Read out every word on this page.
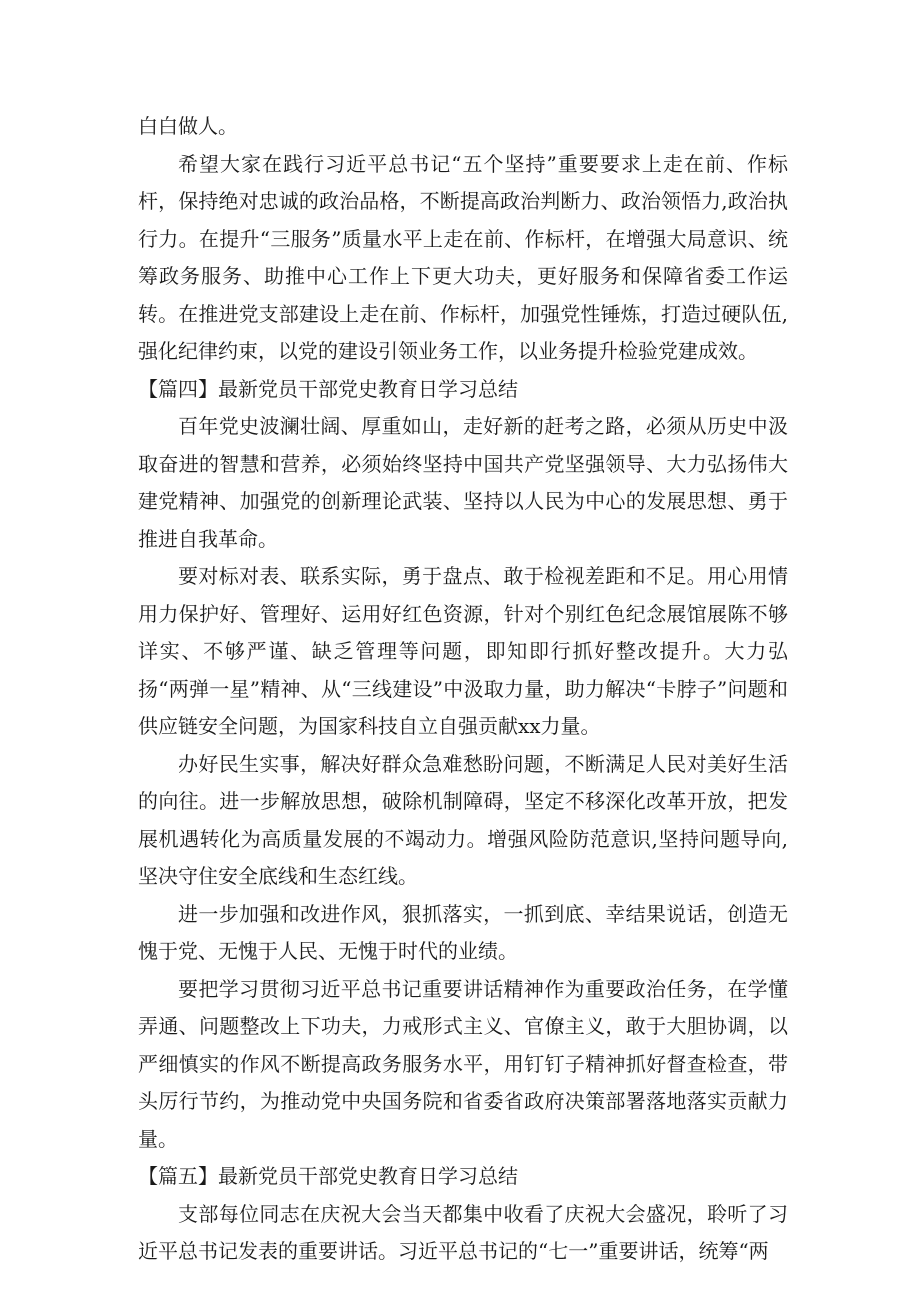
白白做人。

希望大家在践行习近平总书记“五个坚持”重要要求上走在前、作标杆，保持绝对忠诚的政治品格，不断提高政治判断力、政治领悟力,政治执行力。在提升“三服务”质量水平上走在前、作标杆，在增强大局意识、统筹政务服务、助推中心工作上下更大功夫，更好服务和保障省委工作运转。在推进党支部建设上走在前、作标杆，加强党性锤炼，打造过硬队伍,强化纪律约束，以党的建设引领业务工作，以业务提升检验党建成效。

【篇四】最新党员干部党史教育日学习总结

百年党史波澜壮阔、厚重如山，走好新的赶考之路，必须从历史中汲取奋进的智慧和营养，必须始终坚持中国共产党坚强领导、大力弘扬伟大建党精神、加强党的创新理论武装、坚持以人民为中心的发展思想、勇于推进自我革命。

要对标对表、联系实际，勇于盘点、敢于检视差距和不足。用心用情用力保护好、管理好、运用好红色资源，针对个别红色纪念展馆展陈不够详实、不够严谨、缺乏管理等问题，即知即行抓好整改提升。大力弘扬“两弹一星”精神、从“三线建设”中汲取力量，助力解决“卡脖子”问题和供应链安全问题，为国家科技自立自强贡献xx力量。

办好民生实事，解决好群众急难愁盼问题，不断满足人民对美好生活的向往。进一步解放思想，破除机制障碍，坚定不移深化改革开放，把发展机遇转化为高质量发展的不竭动力。增强风险防范意识,坚持问题导向,坚决守住安全底线和生态红线。

进一步加强和改进作风，狠抓落实，一抓到底、幸结果说话，创造无愧于党、无愧于人民、无愧于时代的业绩。

要把学习贯彻习近平总书记重要讲话精神作为重要政治任务，在学懂弄通、问题整改上下功夫，力戒形式主义、官僚主义，敢于大胆协调，以严细慎实的作风不断提高政务服务水平，用钉钉子精神抓好督查检查，带头厉行节约，为推动党中央国务院和省委省政府决策部署落地落实贡献力量。

【篇五】最新党员干部党史教育日学习总结

支部每位同志在庆祝大会当天都集中收看了庆祝大会盛况，聆听了习近平总书记发表的重要讲话。习近平总书记的“七一”重要讲话，统筹“两
